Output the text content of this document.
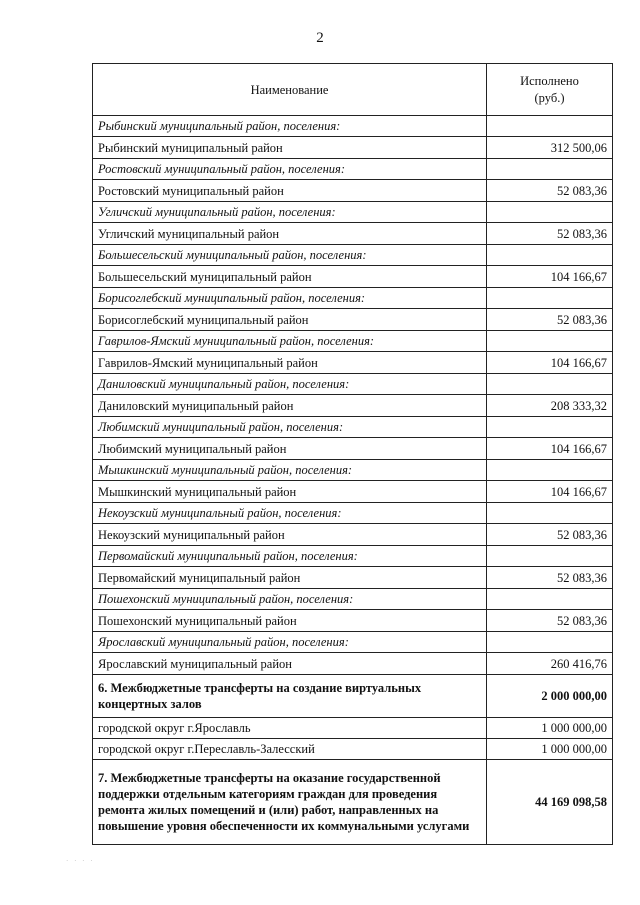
2
Наименование	Исполнено
(руб.)
Рыбинский муниципальный район, поселения:	
Рыбинский муниципальный район	312 500,06
Ростовский муниципальный район, поселения:	
Ростовский муниципальный район	52 083,36
Угличский муниципальный район, поселения:	
Угличский муниципальный район	52 083,36
Большесельский муниципальный район, поселения:	
Большесельский муниципальный район	104 166,67
Борисоглебский муниципальный район, поселения:	
Борисоглебский муниципальный район	52 083,36
Гаврилов-Ямский муниципальный район, поселения:	
Гаврилов-Ямский муниципальный район	104 166,67
Даниловский муниципальный район, поселения:	
Даниловский муниципальный район	208 333,32
Любимский муниципальный район, поселения:	
Любимский муниципальный район	104 166,67
Мышкинский муниципальный район, поселения:	
Мышкинский муниципальный район	104 166,67
Некоузский муниципальный район, поселения:	
Некоузский муниципальный район	52 083,36
Первомайский муниципальный район, поселения:	
Первомайский муниципальный район	52 083,36
Пошехонский муниципальный район, поселения:	
Пошехонский муниципальный район	52 083,36
Ярославский муниципальный район, поселения:	
Ярославский муниципальный район	260 416,76
6. Межбюджетные трансферты на создание виртуальных концертных залов	2 000 000,00
городской округ г.Ярославль	1 000 000,00
городской округ г.Переславль-Залесский	1 000 000,00
7. Межбюджетные трансферты на оказание государственной поддержки отдельным категориям граждан для проведения ремонта жилых помещений и (или) работ, направленных на повышение уровня обеспеченности их коммунальными услугами	44 169 098,58
· · · ·
